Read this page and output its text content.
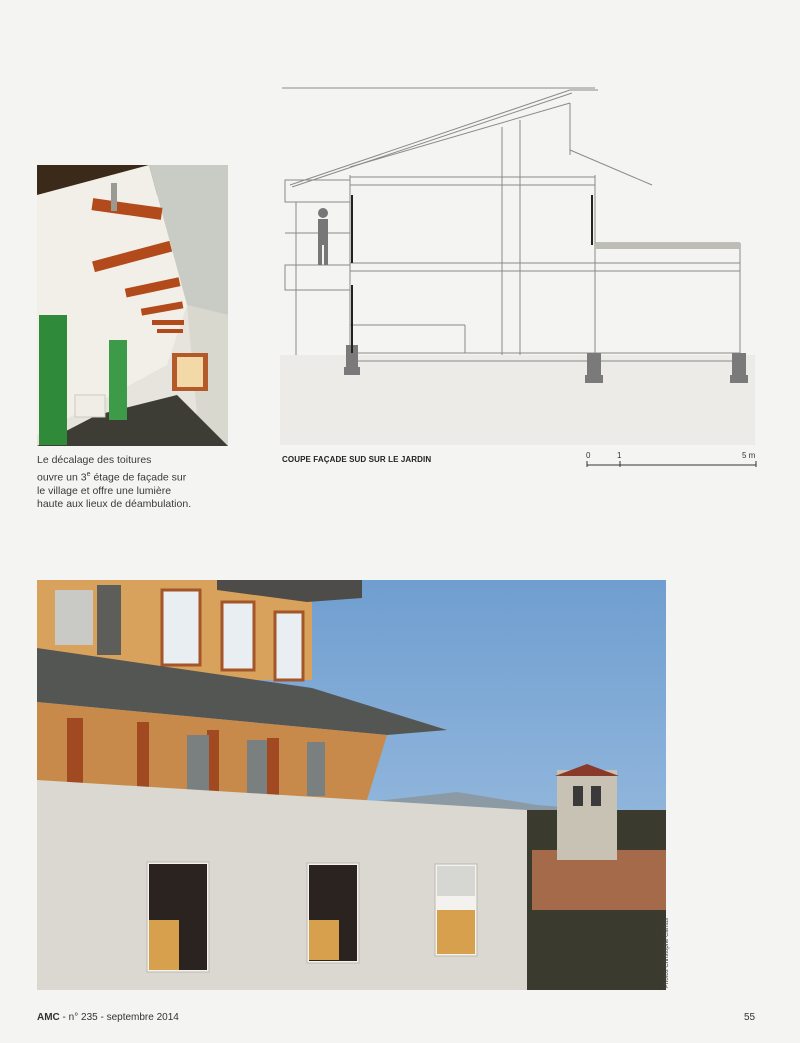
Le décalage des toitures
ouvre un 3e étage de façade sur
le village et offre une lumière
haute aux lieux de déambulation.
COUPE FAÇADE SUD SUR LE JARDIN	0	1	5 m
Photos Christophe Camus
AMC - n° 235 - septembre 2014	55
